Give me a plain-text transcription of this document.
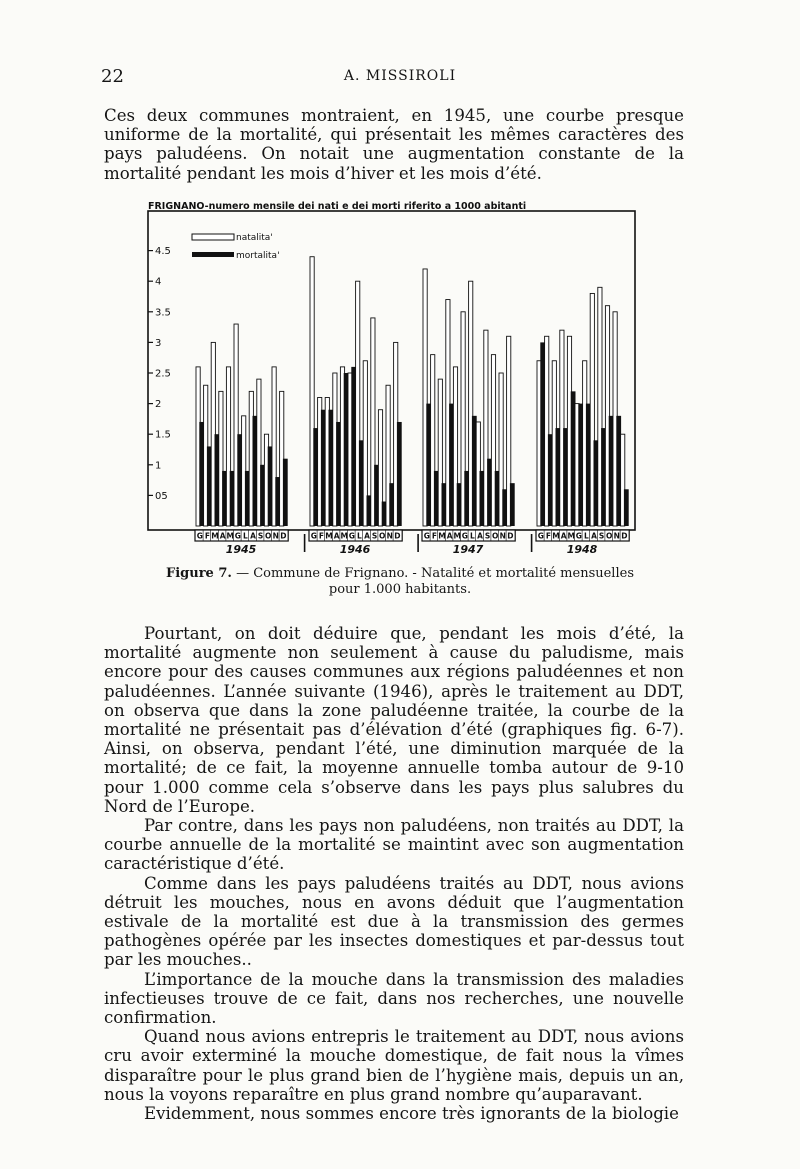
22	A. MISSIROLI

Ces deux communes montraient, en 1945, une courbe presque uniforme de la mortalité, qui présentait les mêmes caractères des pays paludéens. On notait une augmentation constante de la mortalité pendant les mois d’hiver et les mois d’été.

FRIGNANO-numero mensile dei nati e dei morti riferito a 1000 abitanti
4.5
4
3.5
3
2.5
2
1.5
1
05
natalita'
mortalita'
G F M A M G L A S O N D
1945
G F M A M G L A S O N D
1946
G F M A M G L A S O N D
1947
G F M A M G L A S O N D
1948
Figure 7. — Commune de Frignano. - Natalité et mortalité mensuelles pour 1.000 habitants.

Pourtant, on doit déduire que, pendant les mois d’été, la mortalité augmente non seulement à cause du paludisme, mais encore pour des causes communes aux régions paludéennes et non paludéennes. L’année suivante (1946), après le traitement au DDT, on observa que dans la zone paludéenne traitée, la courbe de la mortalité ne présentait pas d’élévation d’été (graphiques fig. 6-7). Ainsi, on observa, pendant l’été, une diminution marquée de la mortalité; de ce fait, la moyenne annuelle tomba autour de 9-10 pour 1.000 comme cela s’observe dans les pays plus salubres du Nord de l’Europe.

Par contre, dans les pays non paludéens, non traités au DDT, la courbe annuelle de la mortalité se maintint avec son augmentation caractéristique d’été.

Comme dans les pays paludéens traités au DDT, nous avions détruit les mouches, nous en avons déduit que l’augmentation estivale de la mortalité est due à la transmission des germes pathogènes opérée par les insectes domestiques et par-dessus tout par les mouches..

L’importance de la mouche dans la transmission des maladies infectieuses trouve de ce fait, dans nos recherches, une nouvelle confirmation.

Quand nous avions entrepris le traitement au DDT, nous avions cru avoir exterminé la mouche domestique, de fait nous la vîmes disparaître pour le plus grand bien de l’hygiène mais, depuis un an, nous la voyons reparaître en plus grand nombre qu’auparavant.

Evidemment, nous sommes encore très ignorants de la biologie
